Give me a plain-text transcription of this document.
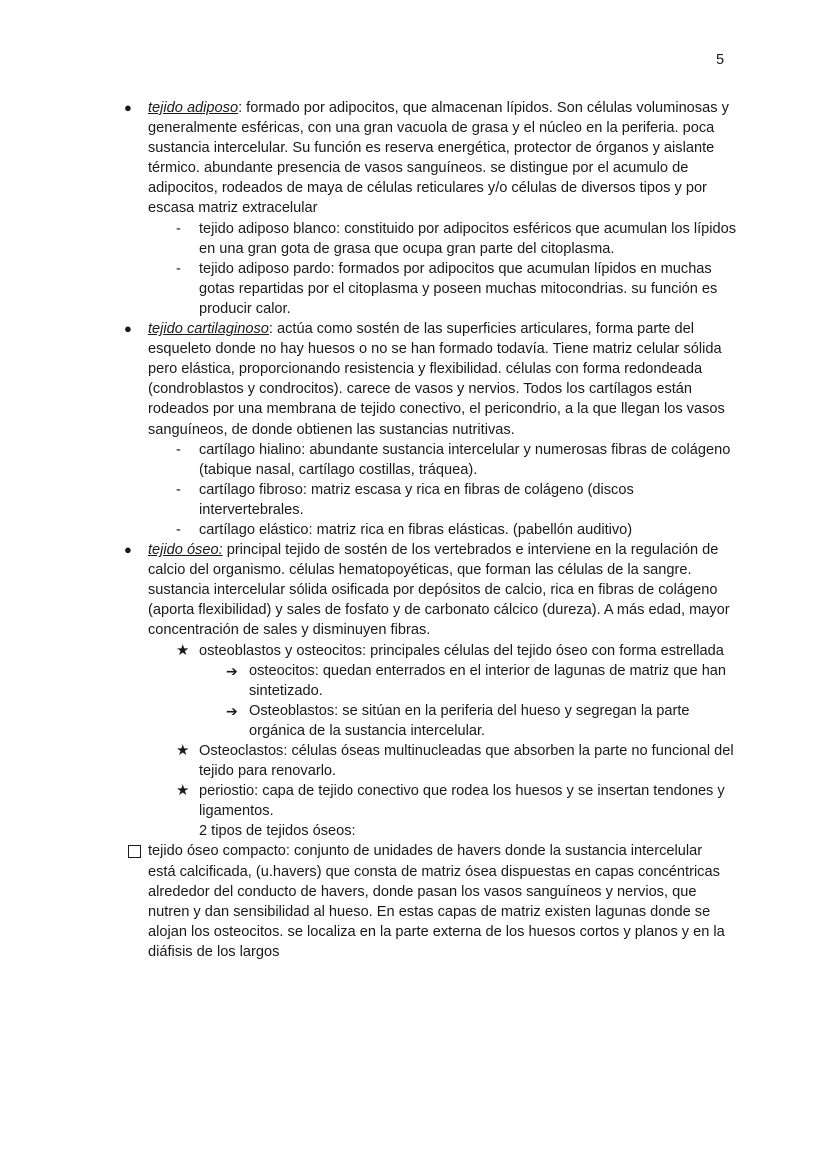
5
● tejido adiposo: formado por adipocitos, que almacenan lípidos. Son células voluminosas y generalmente esféricas, con una gran vacuola de grasa y el núcleo en la periferia. poca sustancia intercelular. Su función es reserva energética, protector de órganos y aislante térmico. abundante presencia de vasos sanguíneos. se distingue por el acumulo de adipocitos, rodeados de maya de células reticulares y/o células de diversos tipos y por escasa matriz extracelular
- tejido adiposo blanco: constituido por adipocitos esféricos que acumulan los lípidos en una gran gota de grasa que ocupa gran parte del citoplasma.
- tejido adiposo pardo: formados por adipocitos que acumulan lípidos en muchas gotas repartidas por el citoplasma y poseen muchas mitocondrias. su función es producir calor.
● tejido cartilaginoso: actúa como sostén de las superficies articulares, forma parte del esqueleto donde no hay huesos o no se han formado todavía. Tiene matriz celular sólida pero elástica, proporcionando resistencia y flexibilidad. células con forma redondeada (condroblastos y condrocitos). carece de vasos y nervios. Todos los cartílagos están rodeados por una membrana de tejido conectivo, el pericondrio, a la que llegan los vasos sanguíneos, de donde obtienen las sustancias nutritivas.
- cartílago hialino: abundante sustancia intercelular y numerosas fibras de colágeno (tabique nasal, cartílago costillas, tráquea).
- cartílago fibroso: matriz escasa y rica en fibras de colágeno (discos intervertebrales.
- cartílago elástico: matriz rica en fibras elásticas. (pabellón auditivo)
● tejido óseo: principal tejido de sostén de los vertebrados e interviene en la regulación de calcio del organismo. células hematopoyéticas, que forman las células de la sangre. sustancia intercelular sólida osificada por depósitos de calcio, rica en fibras de colágeno (aporta flexibilidad) y sales de fosfato y de carbonato cálcico (dureza). A más edad, mayor concentración de sales y disminuyen fibras.
★ osteoblastos y osteocitos: principales células del tejido óseo con forma estrellada
➔ osteocitos: quedan enterrados en el interior de lagunas de matriz que han sintetizado.
➔ Osteoblastos: se sitúan en la periferia del hueso y segregan la parte orgánica de la sustancia intercelular.
★ Osteoclastos: células óseas multinucleadas que absorben la parte no funcional del tejido para renovarlo.
★ periostio: capa de tejido conectivo que rodea los huesos y se insertan tendones y ligamentos.
2 tipos de tejidos óseos:
tejido óseo compacto: conjunto de unidades de havers donde la sustancia intercelular está calcificada, (u.havers) que consta de matriz ósea dispuestas en capas concéntricas alrededor del conducto de havers, donde pasan los vasos sanguíneos y nervios, que nutren y dan sensibilidad al hueso. En estas capas de matriz existen lagunas donde se alojan los osteocitos. se localiza en la parte externa de los huesos cortos y planos y en la diáfisis de los largos
